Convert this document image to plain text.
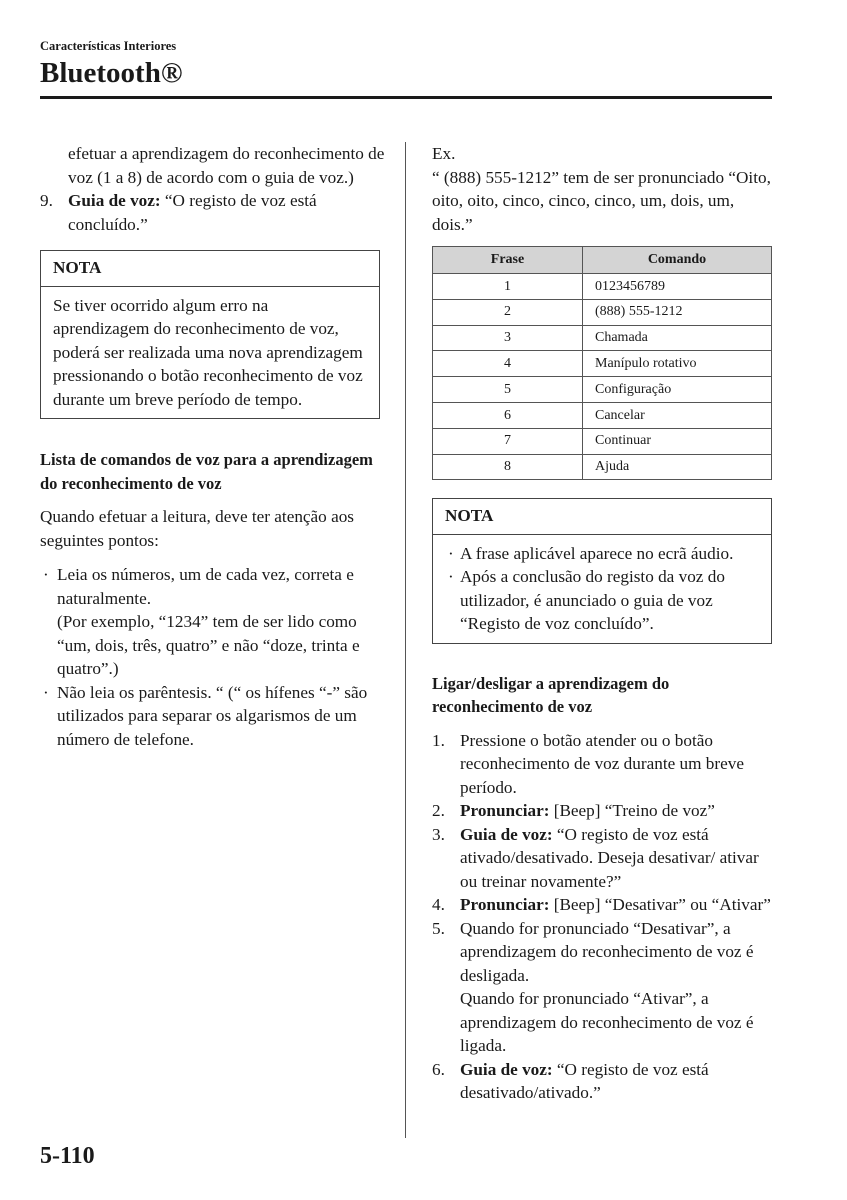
Características Interiores
Bluetooth®

efetuar a aprendizagem do reconhecimento de voz (1 a 8) de acordo com o guia de voz.)

9. Guia de voz: “O registo de voz está concluído.”
NOTA
Se tiver ocorrido algum erro na aprendizagem do reconhecimento de voz, poderá ser realizada uma nova aprendizagem pressionando o botão reconhecimento de voz durante um breve período de tempo.
Lista de comandos de voz para a aprendizagem do reconhecimento de voz

Quando efetuar a leitura, deve ter atenção aos seguintes pontos:

· Leia os números, um de cada vez, correta e naturalmente.
(Por exemplo, “1234” tem de ser lido como “um, dois, três, quatro” e não “doze, trinta e quatro”.)
· Não leia os parêntesis. “ (“ os hífenes “-” são utilizados para separar os algarismos de um número de telefone.

Ex.

“ (888) 555-1212” tem de ser pronunciado “Oito, oito, oito, cinco, cinco, cinco, um, dois, um, dois.”

Frase	Comando
1	0123456789
2	(888) 555-1212
3	Chamada
4	Manípulo rotativo
5	Configuração
6	Cancelar
7	Continuar
8	Ajuda
NOTA
· A frase aplicável aparece no ecrã áudio.
· Após a conclusão do registo da voz do utilizador, é anunciado o guia de voz “Registo de voz concluído”.
Ligar/desligar a aprendizagem do reconhecimento de voz
1. Pressione o botão atender ou o botão reconhecimento de voz durante um breve período.
2. Pronunciar: [Beep] “Treino de voz”
3. Guia de voz: “O registo de voz está ativado/desativado. Deseja desativar/ ativar ou treinar novamente?”
4. Pronunciar: [Beep] “Desativar” ou “Ativar”
5. Quando for pronunciado “Desativar”, a aprendizagem do reconhecimento de voz é desligada.
Quando for pronunciado “Ativar”, a aprendizagem do reconhecimento de voz é ligada.
6. Guia de voz: “O registo de voz está desativado/ativado.”
5-110
